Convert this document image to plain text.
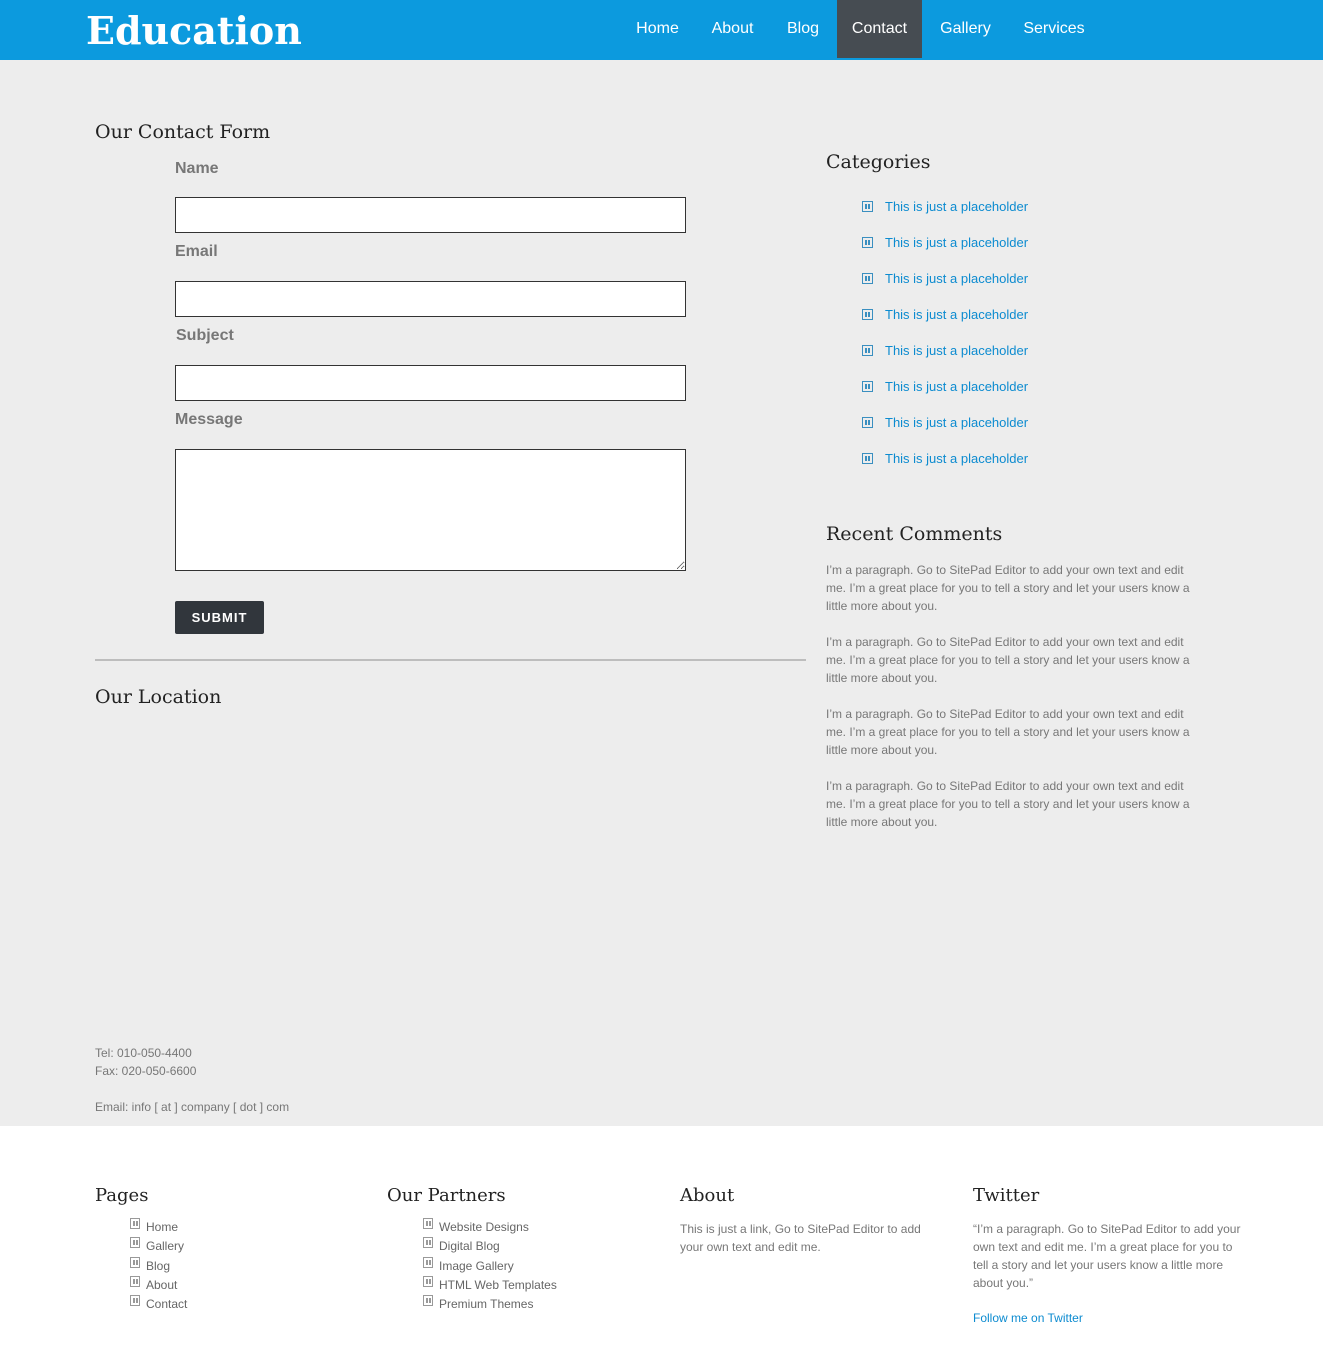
Education	Home	About	Blog	Contact	Gallery	Services
Our Contact Form
Name
Email
Subject
Message
SUBMIT
Our Location
Tel: 010-050-4400
Fax: 020-050-6600
Email: info [ at ] company [ dot ] com
Categories
This is just a placeholder
This is just a placeholder
This is just a placeholder
This is just a placeholder
This is just a placeholder
This is just a placeholder
This is just a placeholder
This is just a placeholder
Recent Comments
I’m a paragraph. Go to SitePad Editor to add your own text and edit me. I’m a great place for you to tell a story and let your users know a little more about you.
I’m a paragraph. Go to SitePad Editor to add your own text and edit me. I’m a great place for you to tell a story and let your users know a little more about you.
I’m a paragraph. Go to SitePad Editor to add your own text and edit me. I’m a great place for you to tell a story and let your users know a little more about you.
I’m a paragraph. Go to SitePad Editor to add your own text and edit me. I’m a great place for you to tell a story and let your users know a little more about you.
Pages
Home
Gallery
Blog
About
Contact
Our Partners
Website Designs
Digital Blog
Image Gallery
HTML Web Templates
Premium Themes
About
This is just a link, Go to SitePad Editor to add your own text and edit me.
Twitter
“I’m a paragraph. Go to SitePad Editor to add your own text and edit me. I’m a great place for you to tell a story and let your users know a little more about you.”
Follow me on Twitter
